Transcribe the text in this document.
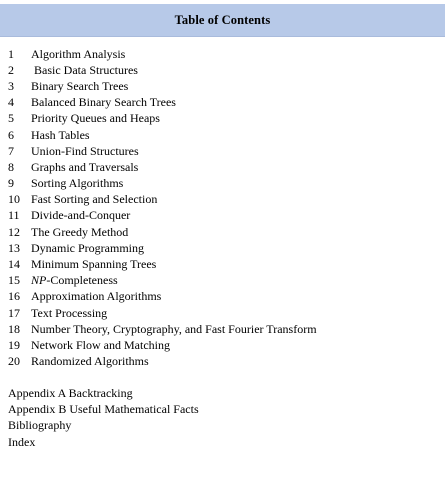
Table of Contents
1	Algorithm Analysis
2	Basic Data Structures
3	Binary Search Trees
4	Balanced Binary Search Trees
5	Priority Queues and Heaps
6	Hash Tables
7	Union-Find Structures
8	Graphs and Traversals
9	Sorting Algorithms
10 Fast Sorting and Selection
11 Divide-and-Conquer
12 The Greedy Method
13 Dynamic Programming
14 Minimum Spanning Trees
15 NP-Completeness
16 Approximation Algorithms
17 Text Processing
18 Number Theory, Cryptography, and Fast Fourier Transform
19 Network Flow and Matching
20 Randomized Algorithms
Appendix A Backtracking
Appendix B Useful Mathematical Facts
Bibliography
Index
